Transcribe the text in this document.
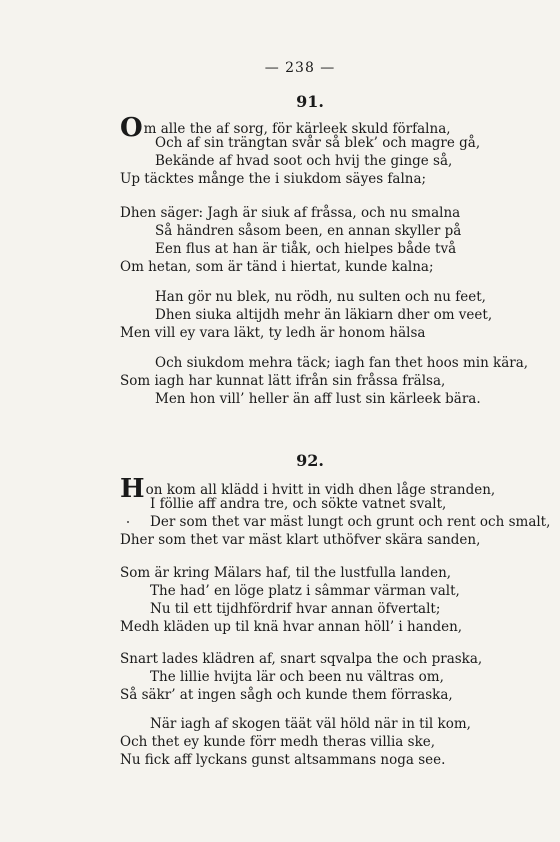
— 238 —
91.
Om alle the af sorg, för kärleek skuld förfalna,
Och af sin trängtan svår så blek’ och magre gå,
Bekände af hvad soot och hvij the ginge så,
Up täcktes månge the i siukdom säyes falna;
Dhen säger: Jagh är siuk af fråssa, och nu smalna
Så händren såsom been, en annan skyller på
Een flus at han är tiåk, och hielpes både två
Om hetan, som är tänd i hiertat, kunde kalna;
Han gör nu blek, nu rödh, nu sulten och nu feet,
Dhen siuka altijdh mehr än läkiarn dher om veet,
Men vill ey vara läkt, ty ledh är honom hälsa
Och siukdom mehra täck; iagh fan thet hoos min kära,
Som iagh har kunnat lätt ifrån sin fråssa frälsa,
Men hon vill’ heller än aff lust sin kärleek bära.
92.
Hon kom all klädd i hvitt in vidh dhen låge stranden,
I föllie aff andra tre, och sökte vatnet svalt,
Der som thet var mäst lungt och grunt och rent och smalt,
Dher som thet var mäst klart uthöfver skära sanden,
Som är kring Mälars haf, til the lustfulla landen,
The had’ en löge platz i sâmmar värman valt,
Nu til ett tijdhfördrif hvar annan öfvertalt;
Medh kläden up til knä hvar annan höll’ i handen,
Snart lades klädren af, snart sqvalpa the och praska,
The lillie hvijta lär och been nu vältras om,
Så säkr’ at ingen sågh och kunde them förraska,
När iagh af skogen täät väl höld när in til kom,
Och thet ey kunde förr medh theras villia ske,
Nu fick aff lyckans gunst altsammans noga see.
